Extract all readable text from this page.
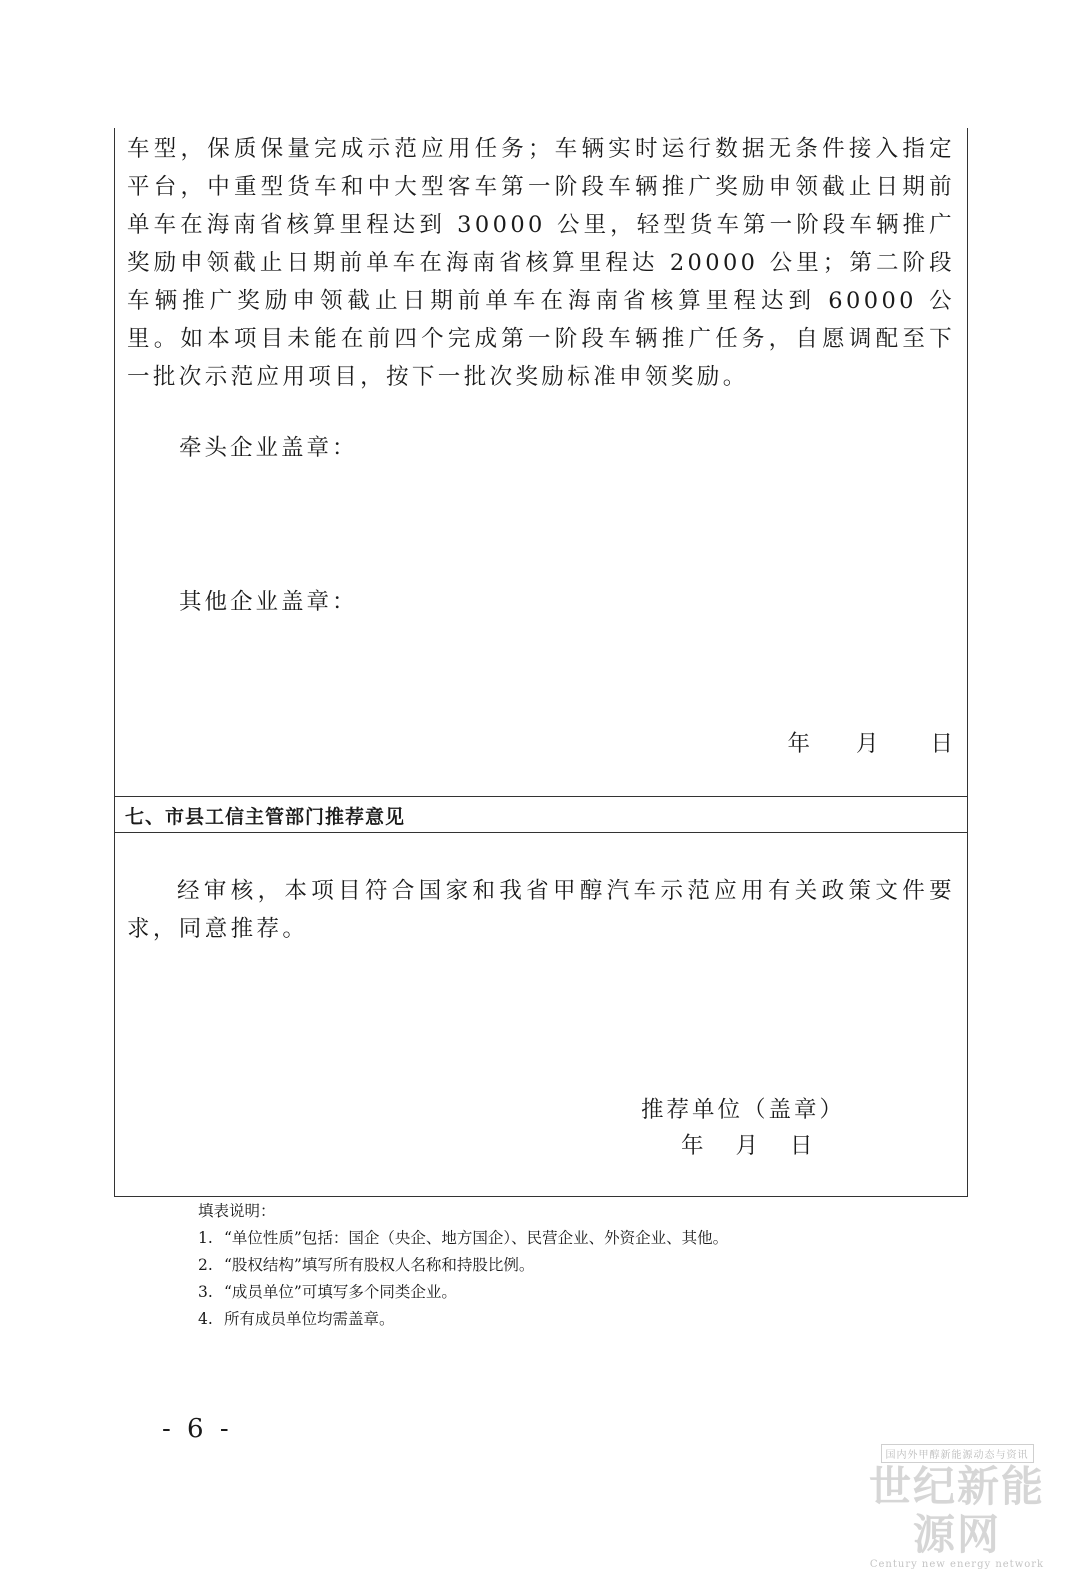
车型，保质保量完成示范应用任务；车辆实时运行数据无条件接入指定平台，中重型货车和中大型客车第一阶段车辆推广奖励申领截止日期前单车在海南省核算里程达到 30000 公里，轻型货车第一阶段车辆推广奖励申领截止日期前单车在海南省核算里程达 20000 公里；第二阶段车辆推广奖励申领截止日期前单车在海南省核算里程达到 60000 公里。如本项目未能在前四个完成第一阶段车辆推广任务，自愿调配至下一批次示范应用项目，按下一批次奖励标准申领奖励。

牵头企业盖章：

其他企业盖章：

年 月 日

七、市县工信主管部门推荐意见

经审核，本项目符合国家和我省甲醇汽车示范应用有关政策文件要求，同意推荐。

推荐单位（盖章）

年 月 日
填表说明：
1. “单位性质”包括：国企（央企、地方国企）、民营企业、外资企业、其他。
2. “股权结构”填写所有股权人名称和持股比例。
3. “成员单位”可填写多个同类企业。
4. 所有成员单位均需盖章。
- 6 -
国内外甲醇新能源动态与资讯
世纪新能源网
Century new energy network
